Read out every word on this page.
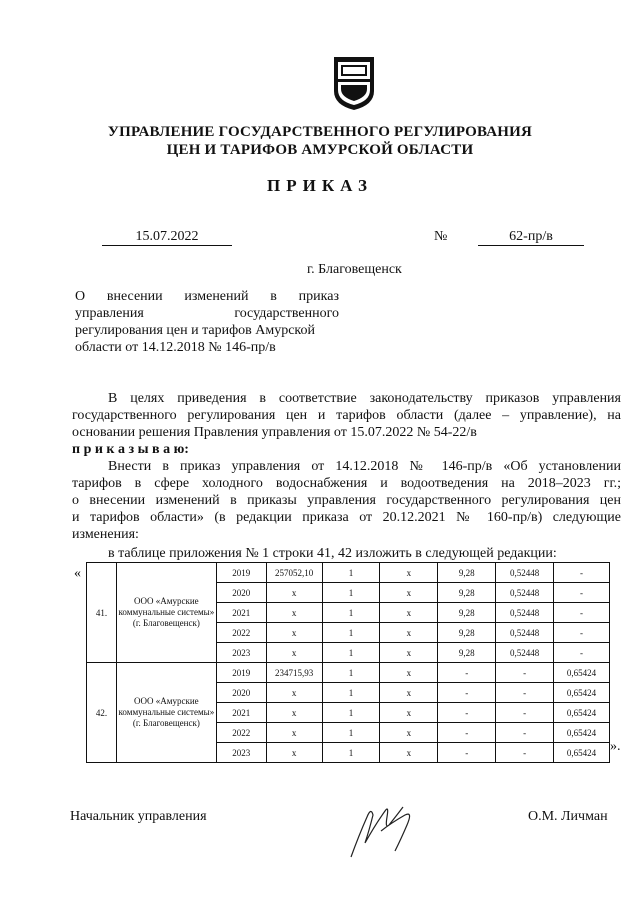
УПРАВЛЕНИЕ ГОСУДАРСТВЕННОГО РЕГУЛИРОВАНИЯ
ЦЕН И ТАРИФОВ АМУРСКОЙ ОБЛАСТИ
ПРИКАЗ
15.07.2022	№	62-пр/в
г. Благовещенск
О внесении изменений в приказ
управления государственного
регулирования цен и тарифов Амурской
области от 14.12.2018 № 146-пр/в
В целях приведения в соответствие законодательству приказов управления
государственного регулирования цен и тарифов области (далее – управление), на
основании решения Правления управления от 15.07.2022 № 54-22/в
п р и к а з ы в а ю:
Внести в приказ управления от 14.12.2018 № 146-пр/в «Об установлении
тарифов в сфере холодного водоснабжения и водоотведения на 2018–2023 гг.;
о внесении изменений в приказы управления государственного регулирования цен
и тарифов области» (в редакции приказа от 20.12.2021 № 160-пр/в) следующие
изменения:
в таблице приложения № 1 строки 41, 42 изложить в следующей редакции:
«
41.	ООО «Амурские коммунальные системы» (г. Благовещенск)	2019	257052,10	1	x	9,28	0,52448	-
		2020	x	1	x	9,28	0,52448	-
		2021	x	1	x	9,28	0,52448	-
		2022	x	1	x	9,28	0,52448	-
		2023	x	1	x	9,28	0,52448	-
42.	ООО «Амурские коммунальные системы» (г. Благовещенск)	2019	234715,93	1	x	-	-	0,65424
		2020	x	1	x	-	-	0,65424
		2021	x	1	x	-	-	0,65424
		2022	x	1	x	-	-	0,65424
		2023	x	1	x	-	-	0,65424 ».
Начальник управления	О.М. Личман
